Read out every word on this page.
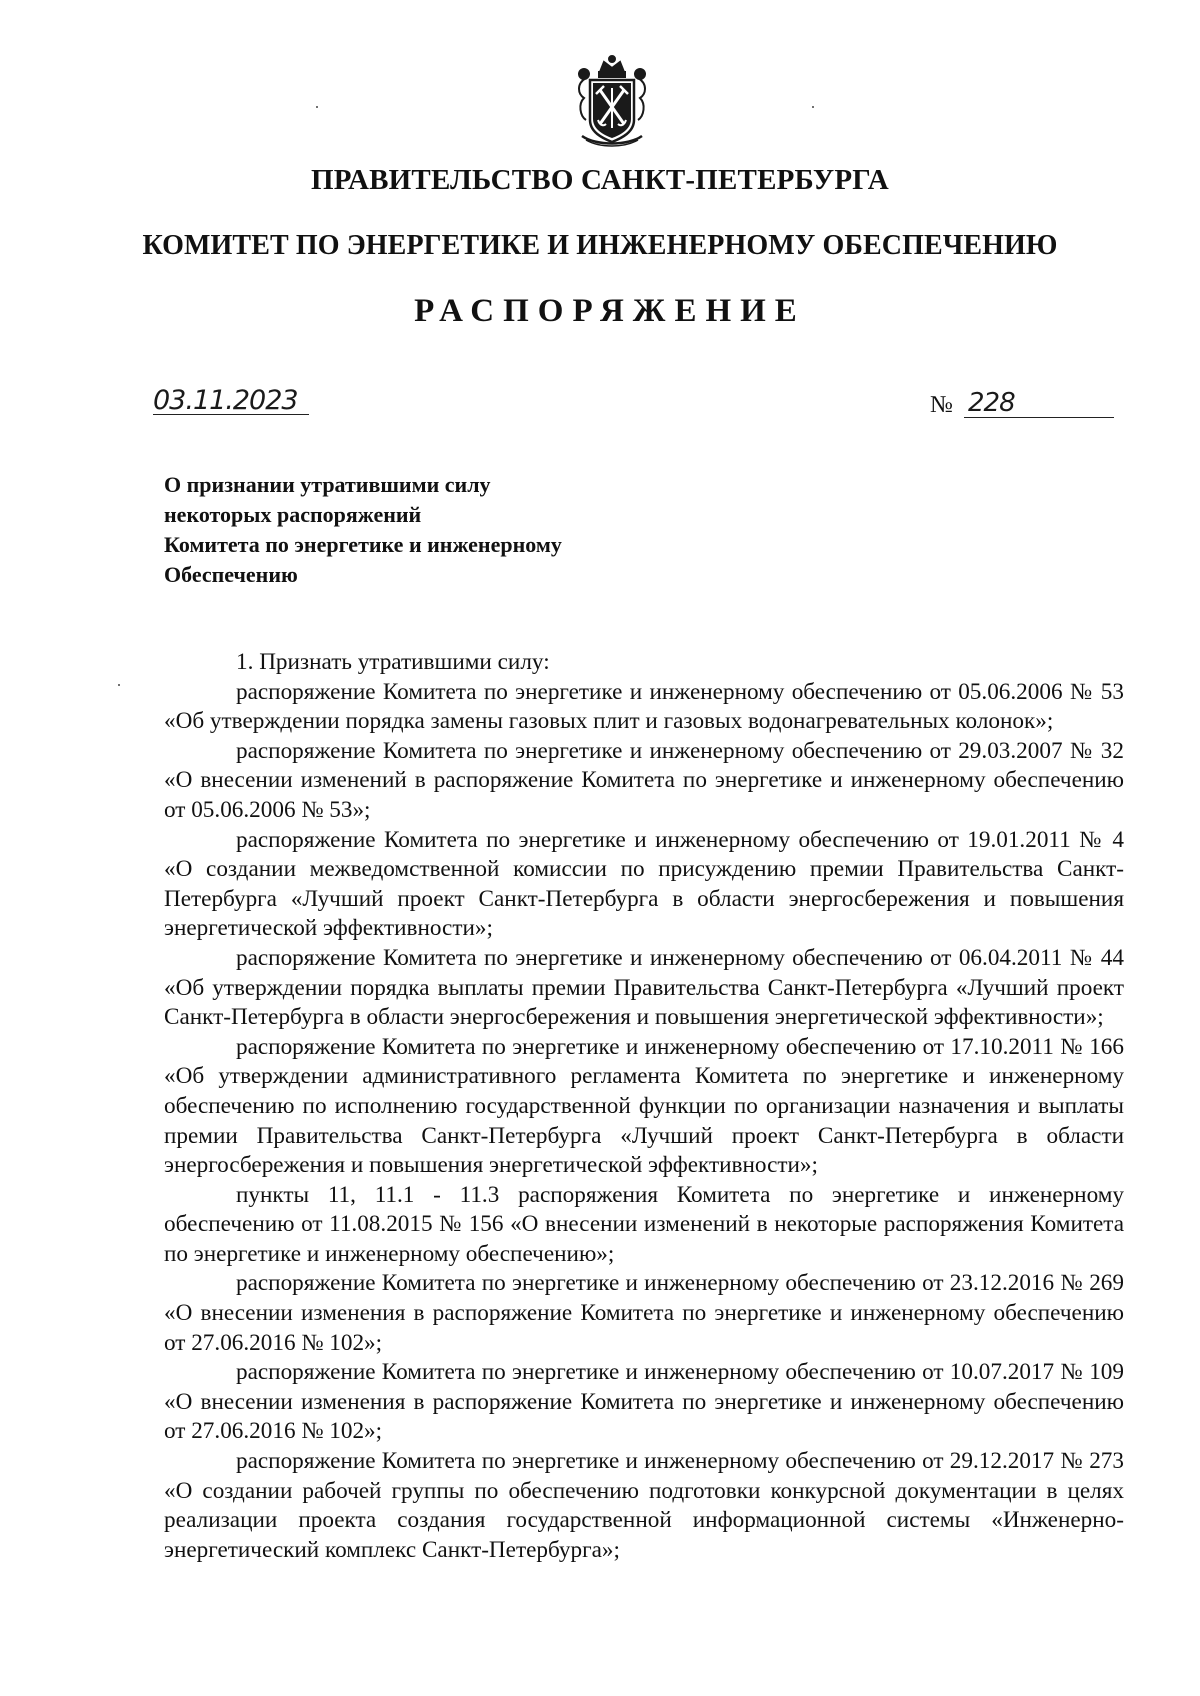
ПРАВИТЕЛЬСТВО САНКТ-ПЕТЕРБУРГА
КОМИТЕТ ПО ЭНЕРГЕТИКЕ И ИНЖЕНЕРНОМУ ОБЕСПЕЧЕНИЮ
РАСПОРЯЖЕНИЕ
03.11.2023	№ 228
О признании утратившими силу
некоторых распоряжений
Комитета по энергетике и инженерному
Обеспечению

1. Признать утратившими силу:

распоряжение Комитета по энергетике и инженерному обеспечению от 05.06.2006 № 53 «Об утверждении порядка замены газовых плит и газовых водонагревательных колонок»;

распоряжение Комитета по энергетике и инженерному обеспечению от 29.03.2007 № 32 «О внесении изменений в распоряжение Комитета по энергетике и инженерному обеспечению от 05.06.2006 № 53»;

распоряжение Комитета по энергетике и инженерному обеспечению от 19.01.2011 № 4 «О создании межведомственной комиссии по присуждению премии Правительства Санкт-Петербурга «Лучший проект Санкт-Петербурга в области энергосбережения и повышения энергетической эффективности»;

распоряжение Комитета по энергетике и инженерному обеспечению от 06.04.2011 № 44 «Об утверждении порядка выплаты премии Правительства Санкт-Петербурга «Лучший проект Санкт-Петербурга в области энергосбережения и повышения энергетической эффективности»;

распоряжение Комитета по энергетике и инженерному обеспечению от 17.10.2011 № 166 «Об утверждении административного регламента Комитета по энергетике и инженерному обеспечению по исполнению государственной функции по организации назначения и выплаты премии Правительства Санкт-Петербурга «Лучший проект Санкт-Петербурга в области энергосбережения и повышения энергетической эффективности»;

пункты 11, 11.1 - 11.3 распоряжения Комитета по энергетике и инженерному обеспечению от 11.08.2015 № 156 «О внесении изменений в некоторые распоряжения Комитета по энергетике и инженерному обеспечению»;

распоряжение Комитета по энергетике и инженерному обеспечению от 23.12.2016 № 269 «О внесении изменения в распоряжение Комитета по энергетике и инженерному обеспечению от 27.06.2016 № 102»;

распоряжение Комитета по энергетике и инженерному обеспечению от 10.07.2017 № 109 «О внесении изменения в распоряжение Комитета по энергетике и инженерному обеспечению от 27.06.2016 № 102»;

распоряжение Комитета по энергетике и инженерному обеспечению от 29.12.2017 № 273 «О создании рабочей группы по обеспечению подготовки конкурсной документации в целях реализации проекта создания государственной информационной системы «Инженерно-энергетический комплекс Санкт-Петербурга»;
